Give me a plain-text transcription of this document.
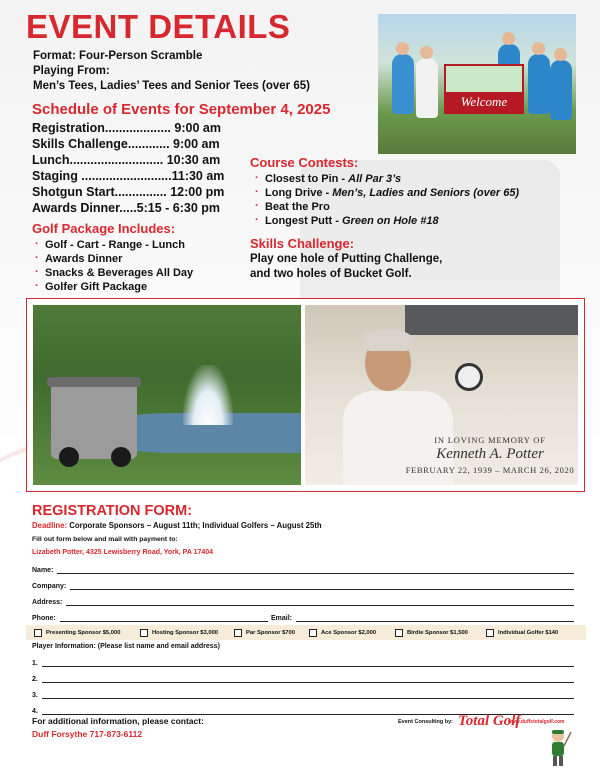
EVENT DETAILS
Format: Four-Person Scramble
Playing From:
Men’s Tees, Ladies’ Tees and Senior Tees (over 65)
Welcome
Schedule of Events for September 4, 2025
Registration................... 9:00 am
Skills Challenge............ 9:00 am
Lunch........................... 10:30 am
Staging ..........................11:30 am
Shotgun Start............... 12:00 pm
Awards Dinner.....5:15 - 6:30 pm
Golf Package Includes:
· Golf - Cart - Range - Lunch
· Awards Dinner
· Snacks & Beverages All Day
· Golfer Gift Package
Course Contests:
· Closest to Pin - All Par 3’s
· Long Drive - Men’s, Ladies and Seniors (over 65)
· Beat the Pro
· Longest Putt - Green on Hole #18
Skills Challenge:
Play one hole of Putting Challenge,
and two holes of Bucket Golf.
IN LOVING MEMORY OF
Kenneth A. Potter
FEBRUARY 22, 1939 – MARCH 26, 2020
REGISTRATION FORM:
Deadline: Corporate Sponsors – August 11th; Individual Golfers – August 25th
Fill out form below and mail with payment to:
Lizabeth Potter, 4325 Lewisberry Road, York, PA 17404
Name:
Company:
Address:
Phone:	Email:
Presenting Sponsor $5,000	Hosting Sponsor $3,000	Par Sponsor $700	Ace Sponsor $2,000	Birdie Sponsor $1,500	Individual Golfer $140
Player Information: (Please list name and email address)
1.
2.
3.
4.
For additional information, please contact:
Duff Forsythe 717-873-6112
Event Consulting by: Total Golf
www.duffstotalgolf.com
